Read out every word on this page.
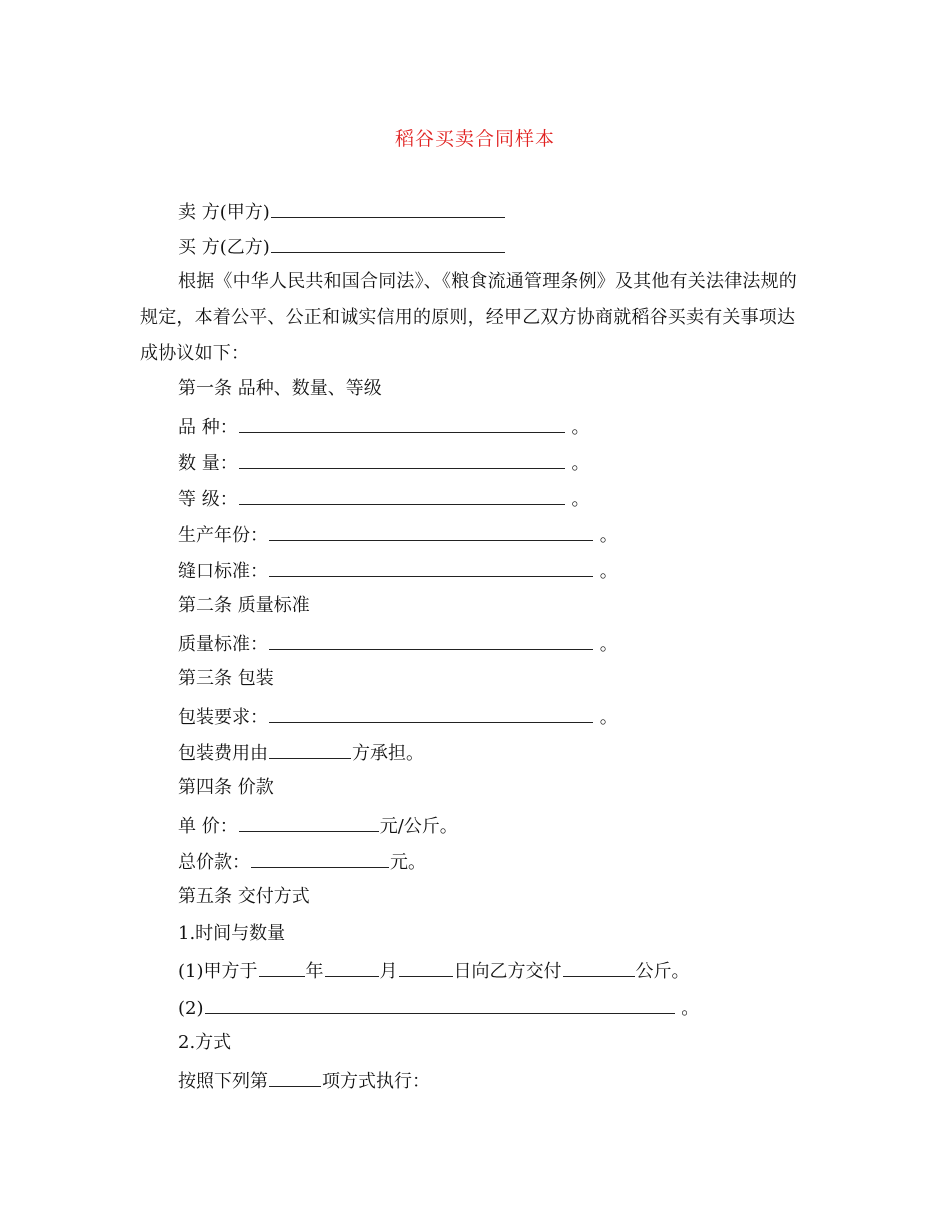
稻谷买卖合同样本
卖 方(甲方)
买 方(乙方)
根据《中华人民共和国合同法》、《粮食流通管理条例》及其他有关法律法规的规定，本着公平、公正和诚实信用的原则，经甲乙双方协商就稻谷买卖有关事项达成协议如下：
第一条 品种、数量、等级
品 种：	。
数 量：	。
等 级：	。
生产年份：	。
缝口标准：	。
第二条 质量标准
质量标准：	。
第三条 包装
包装要求：	。
包装费用由	方承担。
第四条 价款
单 价：	元/公斤。
总价款：	元。
第五条 交付方式
1.时间与数量
(1)甲方于	年	月	日向乙方交付	公斤。
(2)	。
2.方式
按照下列第	项方式执行：
